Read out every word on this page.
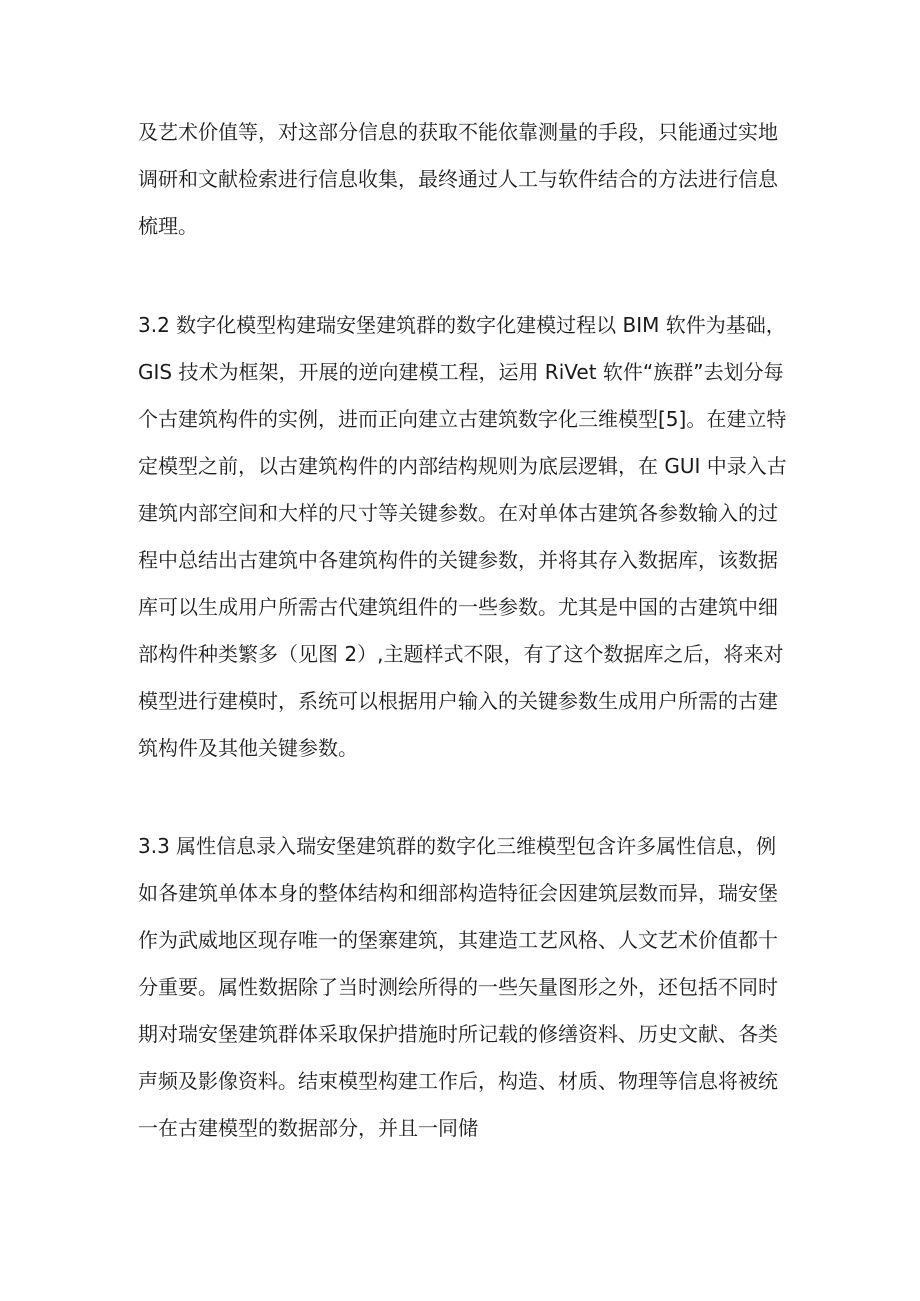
及艺术价值等，对这部分信息的获取不能依靠测量的手段，只能通过实地
调研和文献检索进行信息收集，最终通过人工与软件结合的方法进行信息
梳理。

3.2 数字化模型构建瑞安堡建筑群的数字化建模过程以 BIM 软件为基础，
GIS 技术为框架，开展的逆向建模工程，运用 RiVet 软件“族群”去划分每
个古建筑构件的实例，进而正向建立古建筑数字化三维模型[5]。在建立特
定模型之前，以古建筑构件的内部结构规则为底层逻辑，在 GUI 中录入古
建筑内部空间和大样的尺寸等关键参数。在对单体古建筑各参数输入的过
程中总结出古建筑中各建筑构件的关键参数，并将其存入数据库，该数据
库可以生成用户所需古代建筑组件的一些参数。尤其是中国的古建筑中细
部构件种类繁多（见图 2）,主题样式不限，有了这个数据库之后，将来对
模型进行建模时，系统可以根据用户输入的关键参数生成用户所需的古建
筑构件及其他关键参数。

3.3 属性信息录入瑞安堡建筑群的数字化三维模型包含许多属性信息，例
如各建筑单体本身的整体结构和细部构造特征会因建筑层数而异，瑞安堡
作为武威地区现存唯一的堡寨建筑，其建造工艺风格、人文艺术价值都十
分重要。属性数据除了当时测绘所得的一些矢量图形之外，还包括不同时
期对瑞安堡建筑群体采取保护措施时所记载的修缮资料、历史文献、各类
声频及影像资料。结束模型构建工作后，构造、材质、物理等信息将被统
一在古建模型的数据部分，并且一同储
